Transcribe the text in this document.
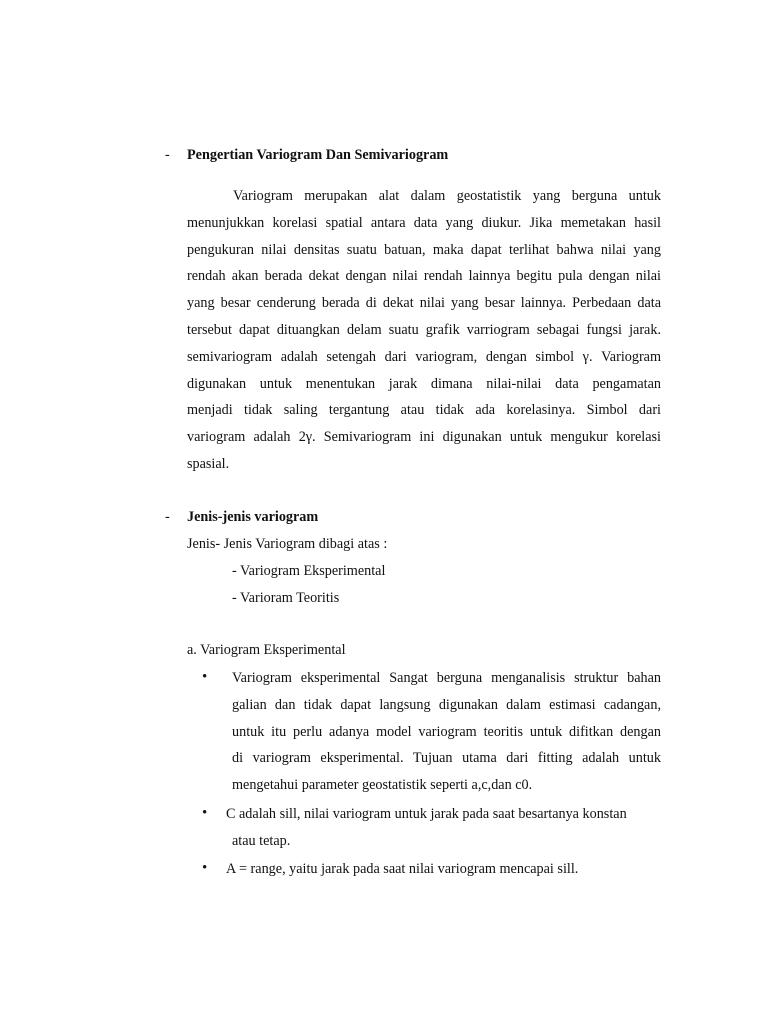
- Pengertian Variogram Dan Semivariogram
Variogram merupakan alat dalam geostatistik yang berguna untuk
menunjukkan korelasi spatial antara data yang diukur. Jika memetakan hasil
pengukuran nilai densitas suatu batuan, maka dapat terlihat bahwa nilai yang
rendah akan berada dekat dengan nilai rendah lainnya begitu pula dengan nilai
yang besar cenderung berada di dekat nilai yang besar lainnya. Perbedaan data
tersebut dapat dituangkan delam suatu grafik varriogram sebagai fungsi jarak.
semivariogram adalah setengah dari variogram, dengan simbol γ. Variogram
digunakan untuk menentukan jarak dimana nilai-nilai data pengamatan
menjadi tidak saling tergantung atau tidak ada korelasinya. Simbol dari
variogram adalah 2γ. Semivariogram ini digunakan untuk mengukur korelasi
spasial.
- Jenis-jenis variogram
Jenis- Jenis Variogram dibagi atas :
- Variogram Eksperimental
- Varioram Teoritis
a. Variogram Eksperimental
• Variogram eksperimental Sangat berguna menganalisis struktur bahan
galian dan tidak dapat langsung digunakan dalam estimasi cadangan,
untuk itu perlu adanya model variogram teoritis untuk difitkan dengan
di variogram eksperimental. Tujuan utama dari fitting adalah untuk
mengetahui parameter geostatistik seperti a,c,dan c0.
• C adalah sill, nilai variogram untuk jarak pada saat besartanya konstan
atau tetap.
• A = range, yaitu jarak pada saat nilai variogram mencapai sill.
